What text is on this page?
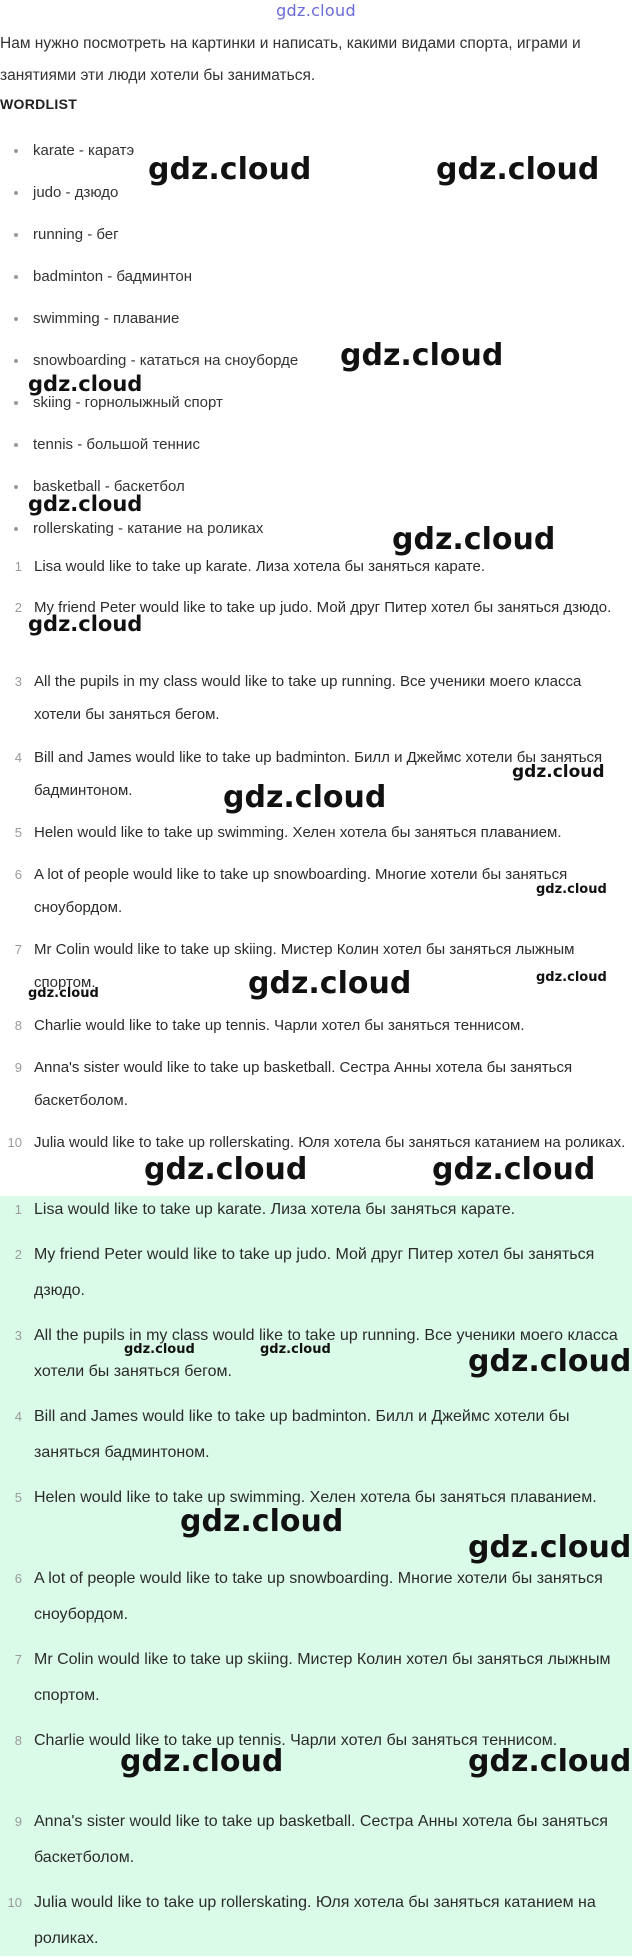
gdz.cloud
Нам нужно посмотреть на картинки и написать, какими видами спорта, играми и занятиями эти люди хотели бы заниматься.
WORDLIST
karate - каратэ
judo - дзюдо
running - бег
badminton - бадминтон
swimming - плавание
snowboarding - кататься на сноуборде
skiing - горнолыжный спорт
tennis - большой теннис
basketball - баскетбол
rollerskating - катание на роликах
1 Lisa would like to take up karate. Лиза хотела бы заняться карате.
2 My friend Peter would like to take up judo. Мой друг Питер хотел бы заняться дзюдо.
3 All the pupils in my class would like to take up running. Все ученики моего класса хотели бы заняться бегом.
4 Bill and James would like to take up badminton. Билл и Джеймс хотели бы заняться бадминтоном.
5 Helen would like to take up swimming. Хелен хотела бы заняться плаванием.
6 A lot of people would like to take up snowboarding. Многие хотели бы заняться сноубордом.
7 Mr Colin would like to take up skiing. Мистер Колин хотел бы заняться лыжным спортом.
8 Charlie would like to take up tennis. Чарли хотел бы заняться теннисом.
9 Anna's sister would like to take up basketball. Сестра Анны хотела бы заняться баскетболом.
10 Julia would like to take up rollerskating. Юля хотела бы заняться катанием на роликах.
1 Lisa would like to take up karate. Лиза хотела бы заняться карате.
2 My friend Peter would like to take up judo. Мой друг Питер хотел бы заняться дзюдо.
3 All the pupils in my class would like to take up running. Все ученики моего класса хотели бы заняться бегом.
4 Bill and James would like to take up badminton. Билл и Джеймс хотели бы заняться бадминтоном.
5 Helen would like to take up swimming. Хелен хотела бы заняться плаванием.
6 A lot of people would like to take up snowboarding. Многие хотели бы заняться сноубордом.
7 Mr Colin would like to take up skiing. Мистер Колин хотел бы заняться лыжным спортом.
8 Charlie would like to take up tennis. Чарли хотел бы заняться теннисом.
9 Anna's sister would like to take up basketball. Сестра Анны хотела бы заняться баскетболом.
10 Julia would like to take up rollerskating. Юля хотела бы заняться катанием на роликах.
gdz.cloud	gdz.cloud
gdz.cloud
gdz.cloud
gdz.cloud
gdz.cloud
gdz.cloud
gdz.cloud
gdz.cloud
gdz.cloud
gdz.cloud
gdz.cloud
gdz.cloud
gdz.cloud	gdz.cloud
gdz.cloud	gdz.cloud	gdz.cloud
gdz.cloud
gdz.cloud
gdz.cloud	gdz.cloud
